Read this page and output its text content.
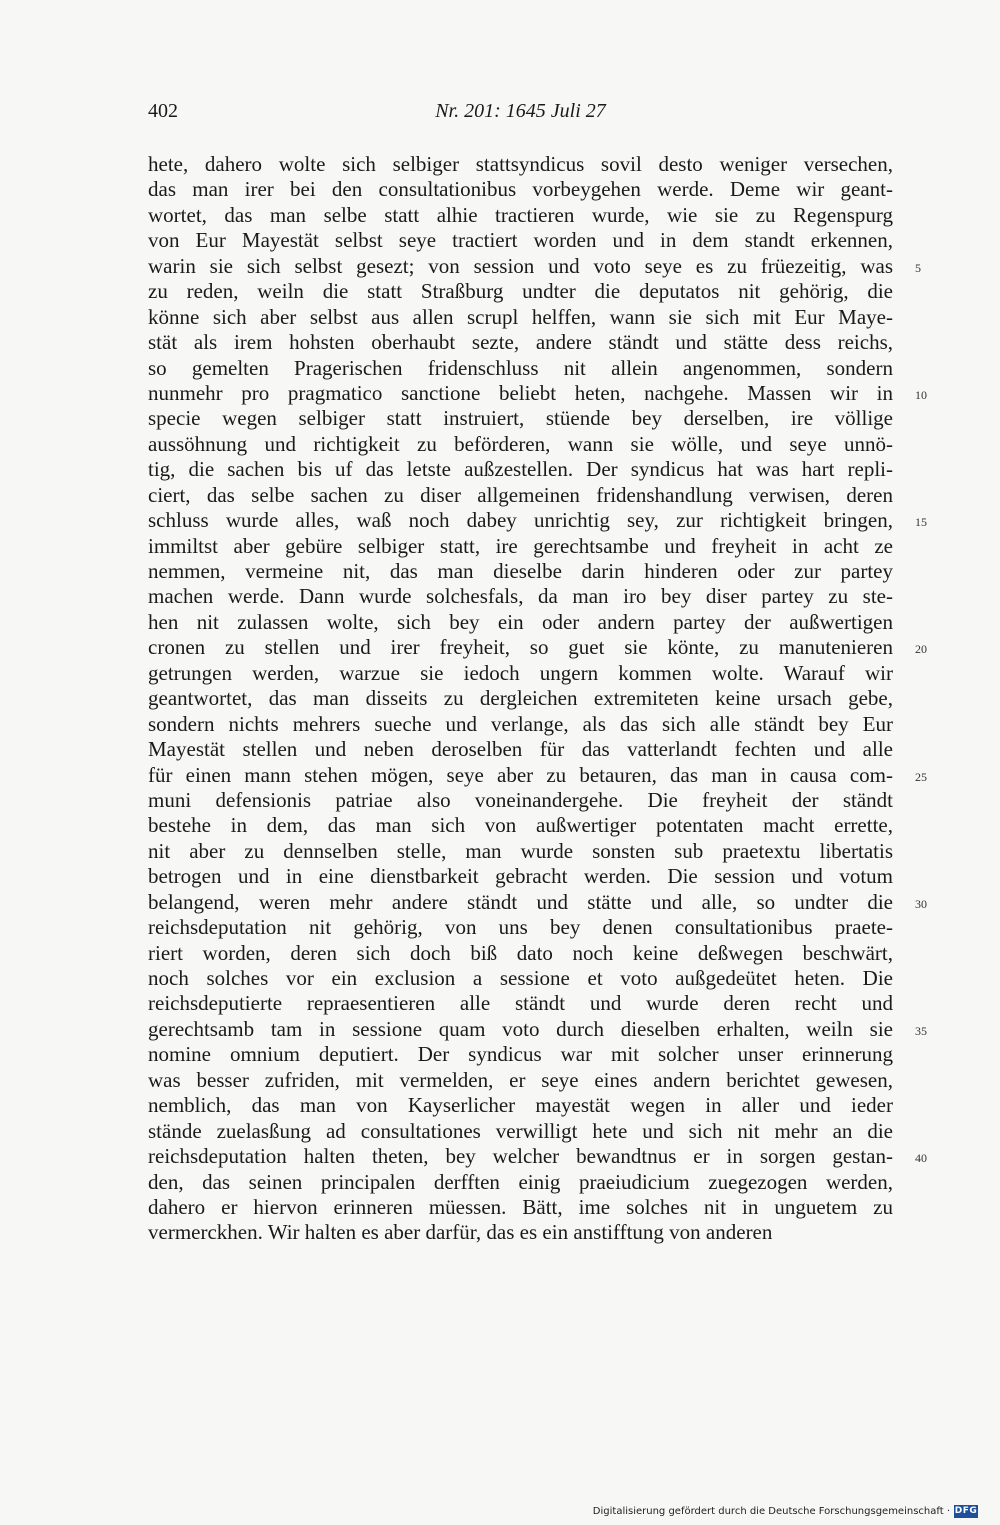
402	Nr. 201: 1645 Juli 27
hete, dahero wolte sich selbiger stattsyndicus sovil desto weniger versechen,
das man irer bei den consultationibus vorbeygehen werde. Deme wir geant-
wortet, das man selbe statt alhie tractieren wurde, wie sie zu Regenspurg
von Eur Mayestät selbst seye tractiert worden und in dem standt erkennen,
warin sie sich selbst gesezt; von session und voto seye es zu früezeitig, was 5
zu reden, weiln die statt Straßburg undter die deputatos nit gehörig, die
könne sich aber selbst aus allen scrupl helffen, wann sie sich mit Eur Maye-
stät als irem hohsten oberhaubt sezte, andere ständt und stätte dess reichs,
so gemelten Pragerischen fridenschluss nit allein angenommen, sondern
nunmehr pro pragmatico sanctione beliebt heten, nachgehe. Massen wir in 10
specie wegen selbiger statt instruiert, stüende bey derselben, ire völlige
aussöhnung und richtigkeit zu beförderen, wann sie wölle, und seye unnö-
tig, die sachen bis uf das letste außzestellen. Der syndicus hat was hart repli-
ciert, das selbe sachen zu diser allgemeinen fridenshandlung verwisen, deren
schluss wurde alles, waß noch dabey unrichtig sey, zur richtigkeit bringen, 15
immiltst aber gebüre selbiger statt, ire gerechtsambe und freyheit in acht ze
nemmen, vermeine nit, das man dieselbe darin hinderen oder zur partey
machen werde. Dann wurde solchesfals, da man iro bey diser partey zu ste-
hen nit zulassen wolte, sich bey ein oder andern partey der außwertigen
cronen zu stellen und irer freyheit, so guet sie könte, zu manutenieren 20
getrungen werden, warzue sie iedoch ungern kommen wolte. Warauf wir
geantwortet, das man disseits zu dergleichen extremiteten keine ursach gebe,
sondern nichts mehrers sueche und verlange, als das sich alle ständt bey Eur
Mayestät stellen und neben deroselben für das vatterlandt fechten und alle
für einen mann stehen mögen, seye aber zu betauren, das man in causa com- 25
muni defensionis patriae also voneinandergehe. Die freyheit der ständt
bestehe in dem, das man sich von außwertiger potentaten macht errette,
nit aber zu dennselben stelle, man wurde sonsten sub praetextu libertatis
betrogen und in eine dienstbarkeit gebracht werden. Die session und votum
belangend, weren mehr andere ständt und stätte und alle, so undter die 30
reichsdeputation nit gehörig, von uns bey denen consultationibus praete-
riert worden, deren sich doch biß dato noch keine deßwegen beschwärt,
noch solches vor ein exclusion a sessione et voto außgedeütet heten. Die
reichsdeputierte repraesentieren alle ständt und wurde deren recht und
gerechtsamb tam in sessione quam voto durch dieselben erhalten, weiln sie 35
nomine omnium deputiert. Der syndicus war mit solcher unser erinnerung
was besser zufriden, mit vermelden, er seye eines andern berichtet gewesen,
nemblich, das man von Kayserlicher mayestät wegen in aller und ieder
stände zuelasßung ad consultationes verwilligt hete und sich nit mehr an die
reichsdeputation halten theten, bey welcher bewandtnus er in sorgen gestan- 40
den, das seinen principalen derfften einig praeiudicium zuegezogen werden,
dahero er hiervon erinneren müessen. Bätt, ime solches nit in unguetem zu
vermerckhen. Wir halten es aber darfür, das es ein anstifftung von anderen
Digitalisierung gefördert durch die Deutsche Forschungsgemeinschaft · DFG
